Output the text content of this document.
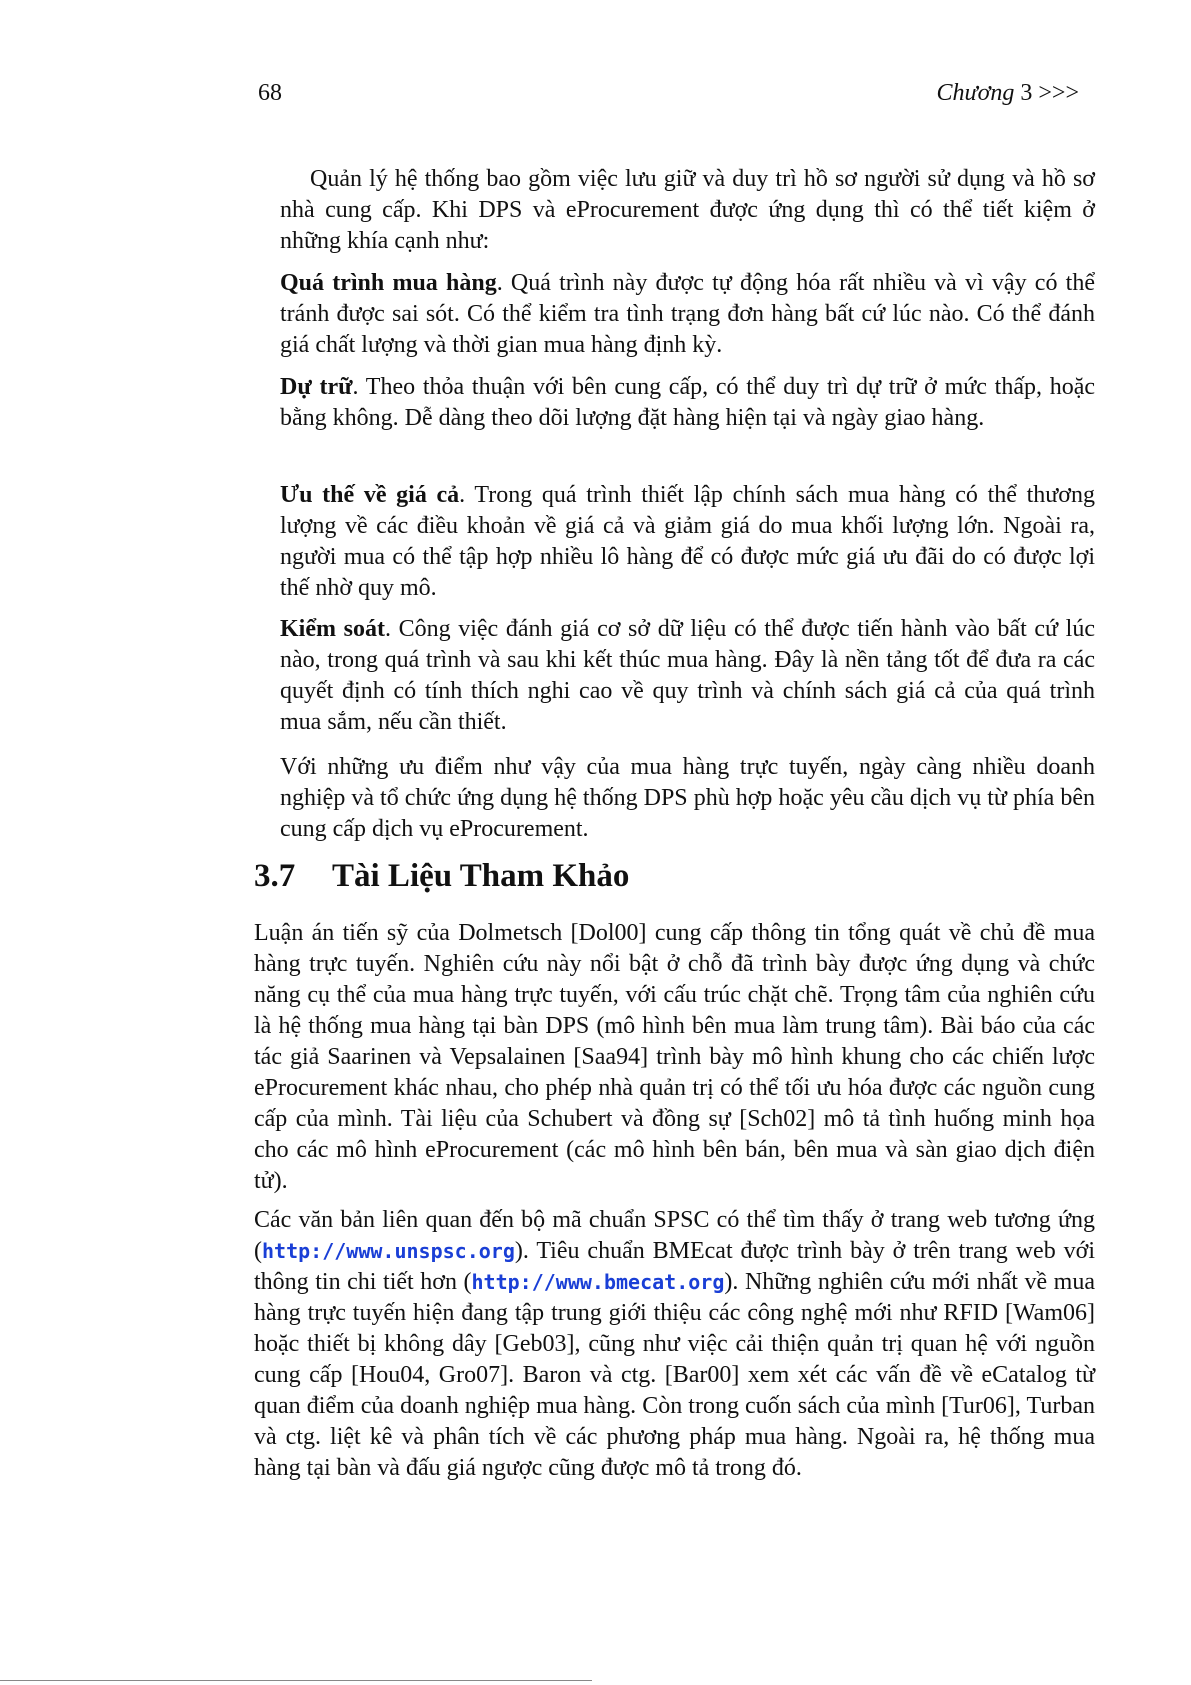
68	Chương 3 >>>

Quản lý hệ thống bao gồm việc lưu giữ và duy trì hồ sơ người sử dụng và hồ sơ nhà cung cấp. Khi DPS và eProcurement được ứng dụng thì có thể tiết kiệm ở những khía cạnh như:

Quá trình mua hàng. Quá trình này được tự động hóa rất nhiều và vì vậy có thể tránh được sai sót. Có thể kiểm tra tình trạng đơn hàng bất cứ lúc nào. Có thể đánh giá chất lượng và thời gian mua hàng định kỳ.

Dự trữ. Theo thỏa thuận với bên cung cấp, có thể duy trì dự trữ ở mức thấp, hoặc bằng không. Dễ dàng theo dõi lượng đặt hàng hiện tại và ngày giao hàng.

Ưu thế về giá cả. Trong quá trình thiết lập chính sách mua hàng có thể thương lượng về các điều khoản về giá cả và giảm giá do mua khối lượng lớn. Ngoài ra, người mua có thể tập hợp nhiều lô hàng để có được mức giá ưu đãi do có được lợi thế nhờ quy mô.

Kiểm soát. Công việc đánh giá cơ sở dữ liệu có thể được tiến hành vào bất cứ lúc nào, trong quá trình và sau khi kết thúc mua hàng. Đây là nền tảng tốt để đưa ra các quyết định có tính thích nghi cao về quy trình và chính sách giá cả của quá trình mua sắm, nếu cần thiết.

Với những ưu điểm như vậy của mua hàng trực tuyến, ngày càng nhiều doanh nghiệp và tổ chức ứng dụng hệ thống DPS phù hợp hoặc yêu cầu dịch vụ từ phía bên cung cấp dịch vụ eProcurement.

3.7 Tài Liệu Tham Khảo

Luận án tiến sỹ của Dolmetsch [Dol00] cung cấp thông tin tổng quát về chủ đề mua hàng trực tuyến. Nghiên cứu này nổi bật ở chỗ đã trình bày được ứng dụng và chức năng cụ thể của mua hàng trực tuyến, với cấu trúc chặt chẽ. Trọng tâm của nghiên cứu là hệ thống mua hàng tại bàn DPS (mô hình bên mua làm trung tâm). Bài báo của các tác giả Saarinen và Vepsalainen [Saa94] trình bày mô hình khung cho các chiến lược eProcurement khác nhau, cho phép nhà quản trị có thể tối ưu hóa được các nguồn cung cấp của mình. Tài liệu của Schubert và đồng sự [Sch02] mô tả tình huống minh họa cho các mô hình eProcurement (các mô hình bên bán, bên mua và sàn giao dịch điện tử).

Các văn bản liên quan đến bộ mã chuẩn SPSC có thể tìm thấy ở trang web tương ứng (http://www.unspsc.org). Tiêu chuẩn BMEcat được trình bày ở trên trang web với thông tin chi tiết hơn (http://www.bmecat.org). Những nghiên cứu mới nhất về mua hàng trực tuyến hiện đang tập trung giới thiệu các công nghệ mới như RFID [Wam06] hoặc thiết bị không dây [Geb03], cũng như việc cải thiện quản trị quan hệ với nguồn cung cấp [Hou04, Gro07]. Baron và ctg. [Bar00] xem xét các vấn đề về eCatalog từ quan điểm của doanh nghiệp mua hàng. Còn trong cuốn sách của mình [Tur06], Turban và ctg. liệt kê và phân tích về các phương pháp mua hàng. Ngoài ra, hệ thống mua hàng tại bàn và đấu giá ngược cũng được mô tả trong đó.
